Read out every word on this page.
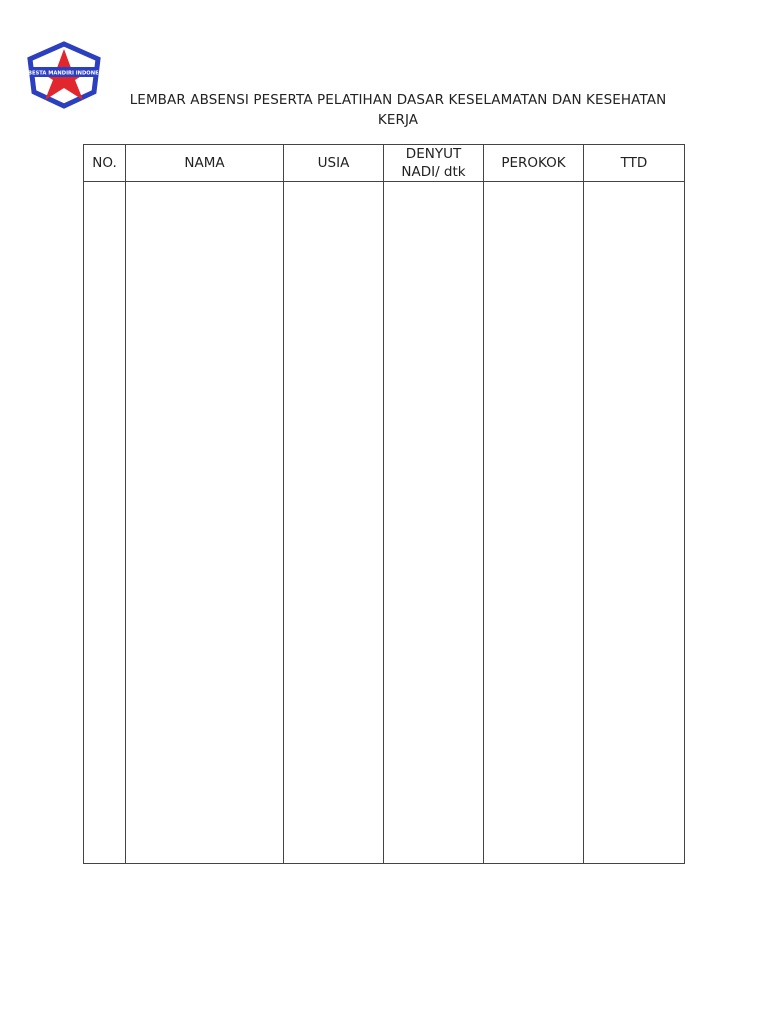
ANBESTA MANDIRI INDONESIA
LEMBAR ABSENSI PESERTA PELATIHAN DASAR KESELAMATAN DAN KESEHATAN
KERJA
NO.	NAMA	USIA	DENYUT NADI/ dtk	PEROKOK	TTD
